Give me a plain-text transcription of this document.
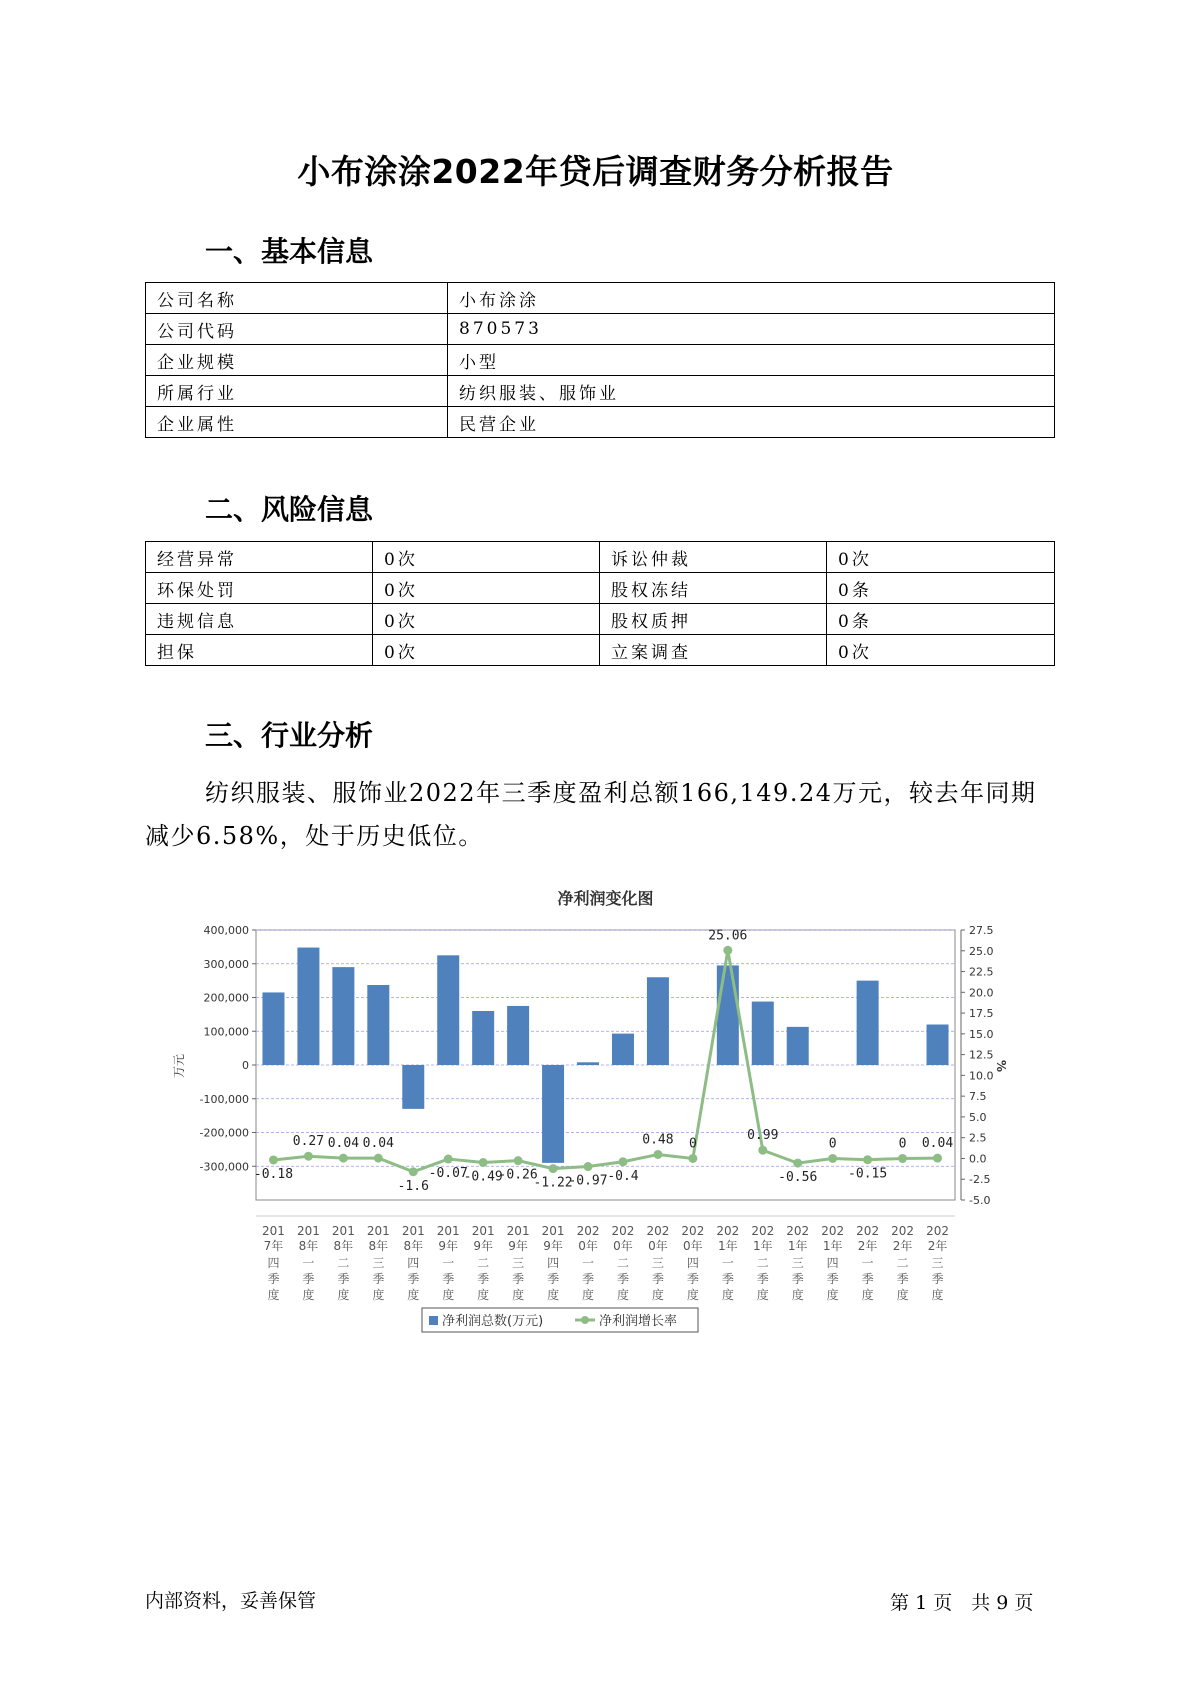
小布涂涂2022年贷后调查财务分析报告
一、基本信息
公司名称	小布涂涂
公司代码	870573
企业规模	小型
所属行业	纺织服装、服饰业
企业属性	民营企业
二、风险信息
经营异常	0次	诉讼仲裁	0次
环保处罚	0次	股权冻结	0条
违规信息	0次	股权质押	0条
担保	0次	立案调查	0次
三、行业分析

纺织服装、服饰业2022年三季度盈利总额166,149.24万元，较去年同期减少6.58%，处于历史低位。

净利润变化图
400,000
300,000
200,000
100,000
0
-100,000
-200,000
-300,000
27.5
25.0
22.5
20.0
17.5
15.0
12.5
10.0
7.5
5.0
2.5
0.0
-2.5
-5.0
万元	%
-0.18
0.27 0.04 0.04
-1.6
-0.07
-0.49
-0.26
-1.22
-0.97 -0.4
0.48 0
25.06
0.99
-0.56
0
-0.15
0 0.04
201
7年
四
季
度
201
8年
一
季
度
201
8年
二
季
度
201
8年
三
季
度
201
8年
四
季
度
201
9年
一
季
度
201
9年
二
季
度
201
9年
三
季
度
201
9年
四
季
度
202
0年
一
季
度
202
0年
二
季
度
202
0年
三
季
度
202
0年
四
季
度
202
1年
一
季
度
202
1年
二
季
度
202
1年
三
季
度
202
1年
四
季
度
202
2年
一
季
度
202
2年
二
季
度
202
2年
三
季
度
净利润总数(万元)	净利润增长率
内部资料，妥善保管	第 1 页　共 9 页
